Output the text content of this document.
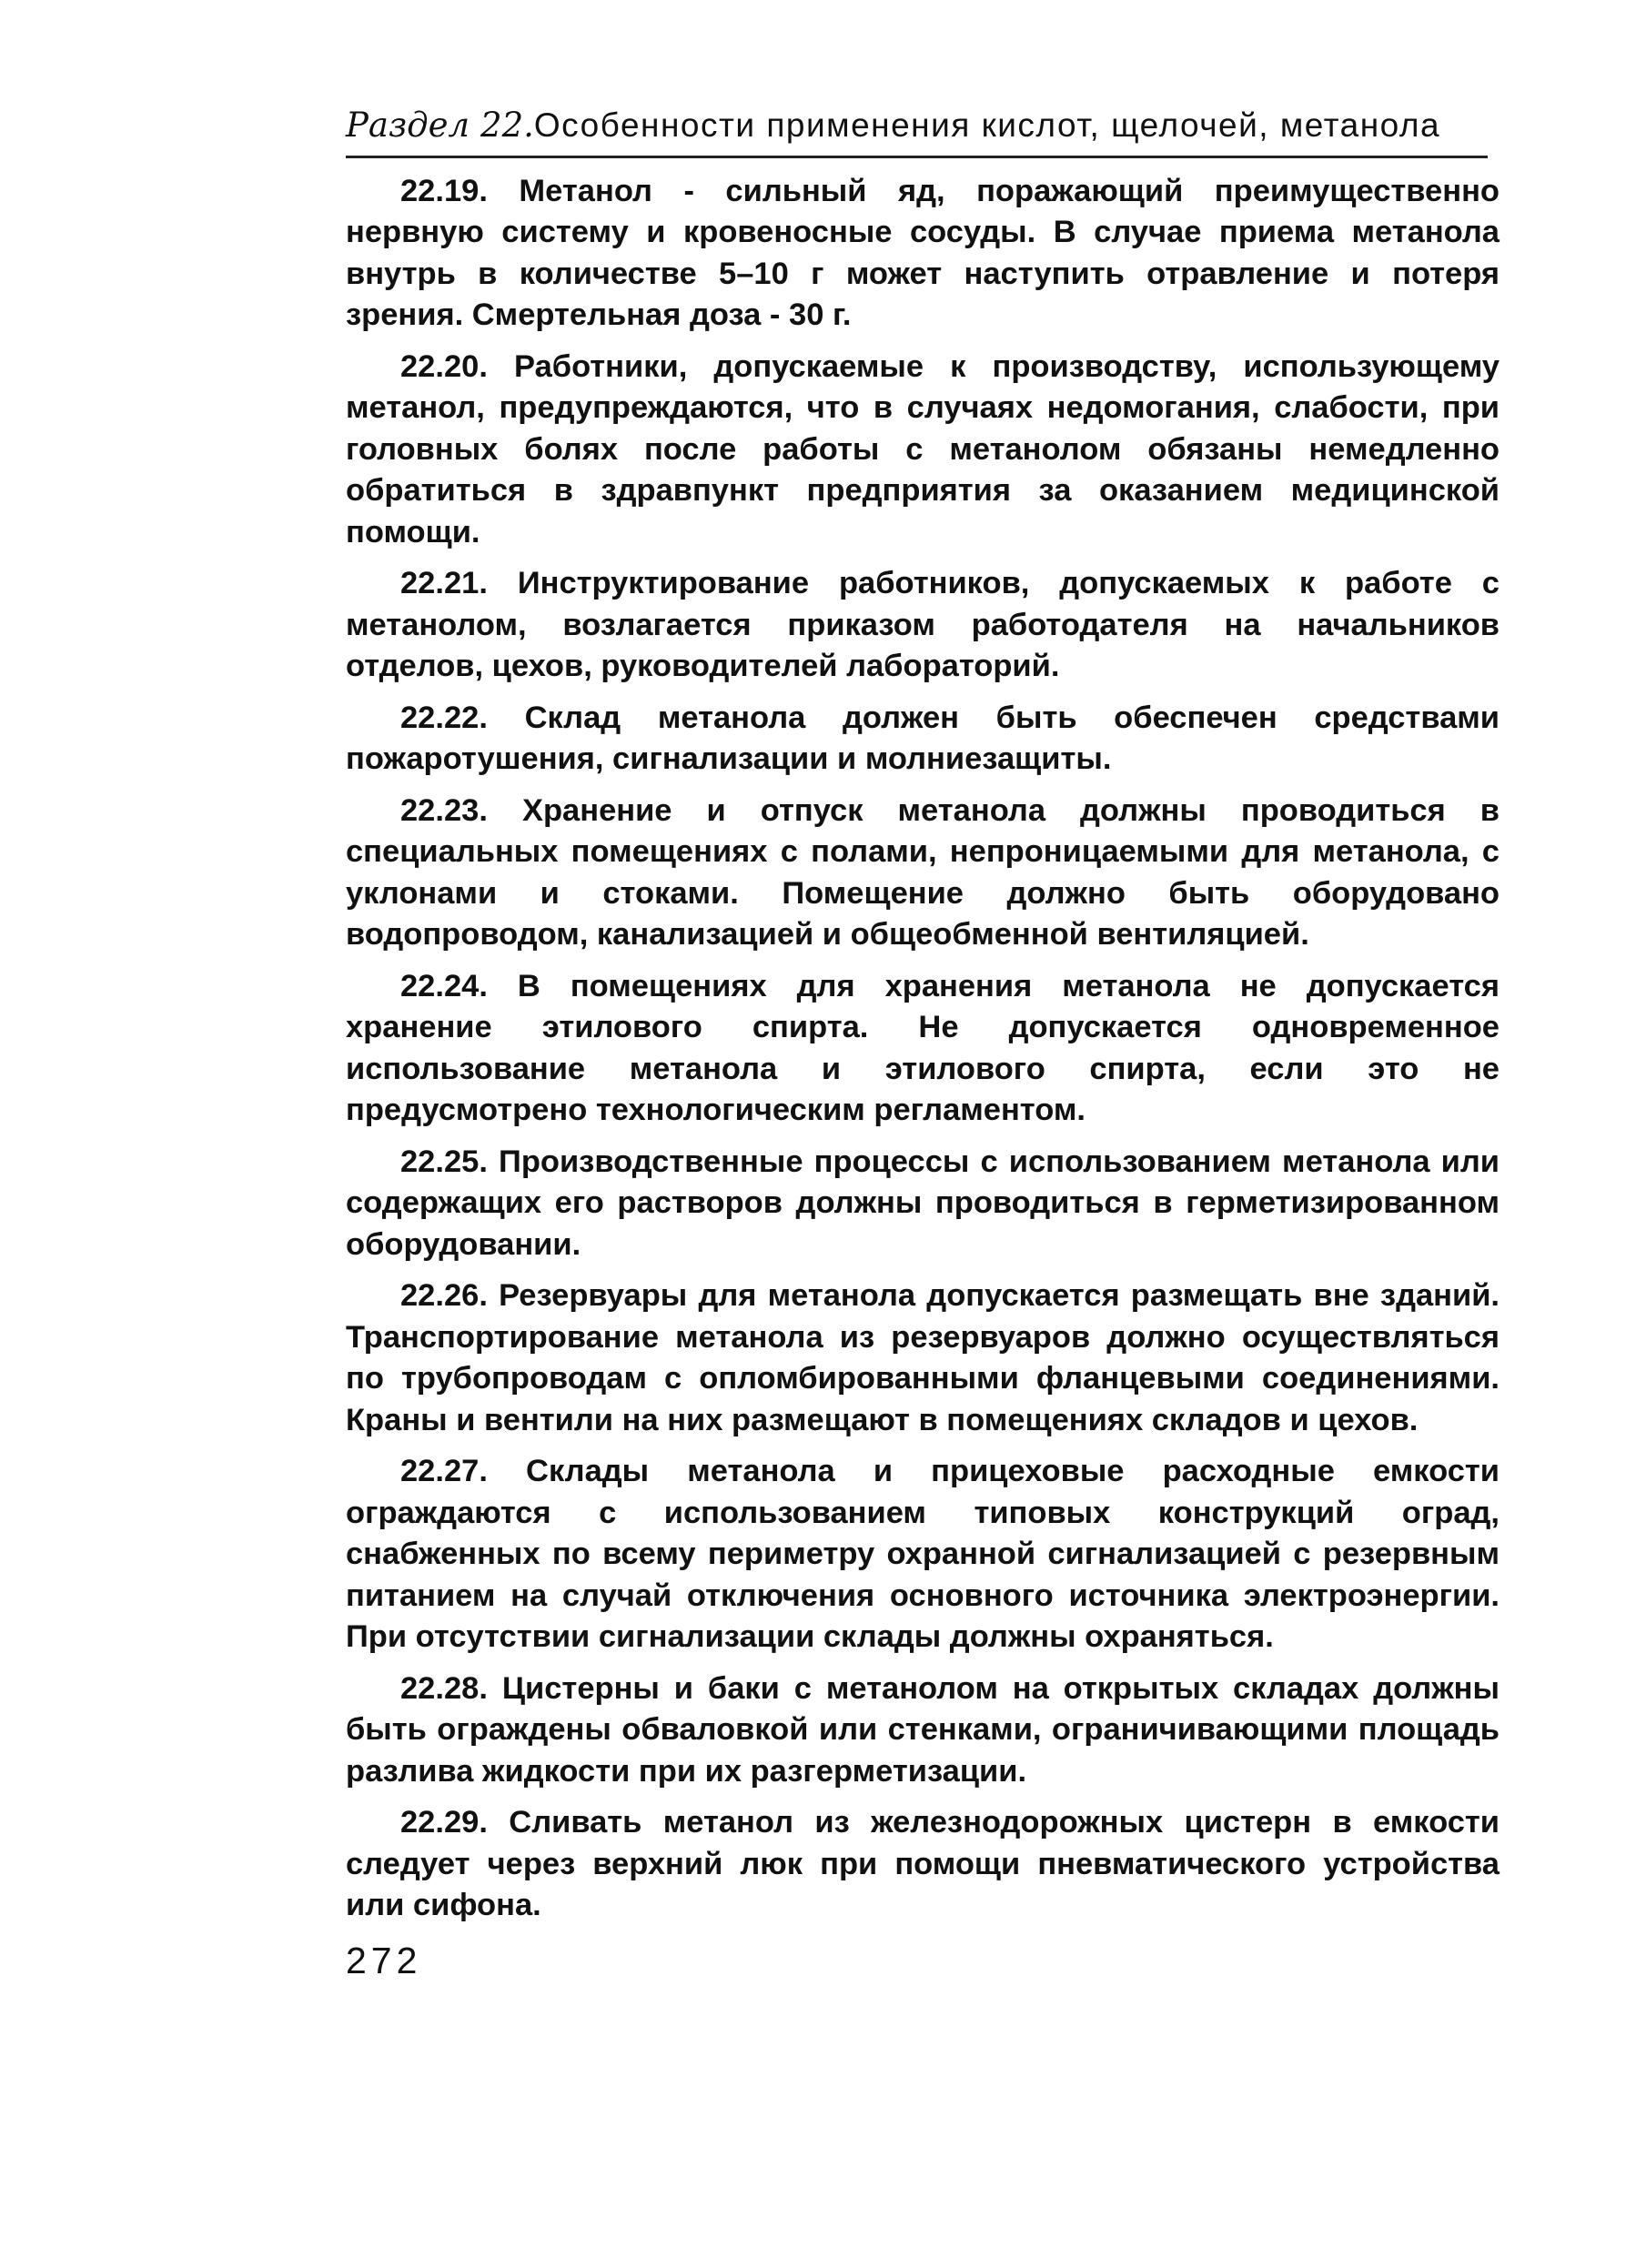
Раздел 22. Особенности применения кислот, щелочей, метанола

22.19. Метанол - сильный яд, поражающий преимущественно нервную систему и кровеносные сосуды. В случае приема метанола внутрь в количестве 5–10 г может наступить отравление и потеря зрения. Смертельная доза - 30 г.

22.20. Работники, допускаемые к производству, использующему метанол, предупреждаются, что в случаях недомогания, слабости, при головных болях после работы с метанолом обязаны немедленно обратиться в здравпункт предприятия за оказанием медицинской помощи.

22.21. Инструктирование работников, допускаемых к работе с метанолом, возлагается приказом работодателя на начальников отделов, цехов, руководителей лабораторий.

22.22. Склад метанола должен быть обеспечен средствами пожаротушения, сигнализации и молниезащиты.

22.23. Хранение и отпуск метанола должны проводиться в специальных помещениях с полами, непроницаемыми для метанола, с уклонами и стоками. Помещение должно быть оборудовано водопроводом, канализацией и общеобменной вентиляцией.

22.24. В помещениях для хранения метанола не допускается хранение этилового спирта. Не допускается одновременное использование метанола и этилового спирта, если это не предусмотрено технологическим регламентом.

22.25. Производственные процессы с использованием метанола или содержащих его растворов должны проводиться в герметизированном оборудовании.

22.26. Резервуары для метанола допускается размещать вне зданий. Транспортирование метанола из резервуаров должно осуществляться по трубопроводам с опломбированными фланцевыми соединениями. Краны и вентили на них размещают в помещениях складов и цехов.

22.27. Склады метанола и прицеховые расходные емкости ограждаются с использованием типовых конструкций оград, снабженных по всему периметру охранной сигнализацией с резервным питанием на случай отключения основного источника электроэнергии. При отсутствии сигнализации склады должны охраняться.

22.28. Цистерны и баки с метанолом на открытых складах должны быть ограждены обваловкой или стенками, ограничивающими площадь разлива жидкости при их разгерметизации.

22.29. Сливать метанол из железнодорожных цистерн в емкости следует через верхний люк при помощи пневматического устройства или сифона.

272
